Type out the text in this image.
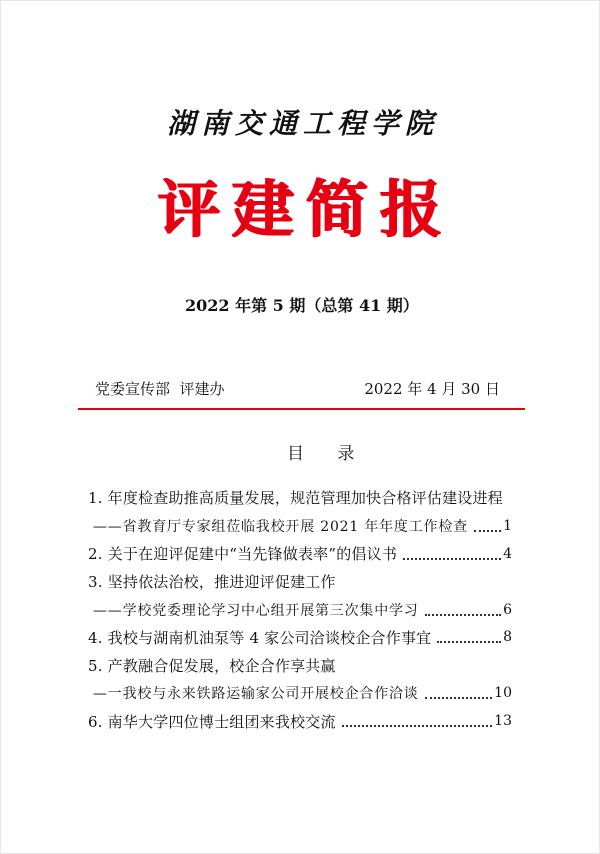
湖南交通工程学院
评建简报
2022 年第 5 期（总第 41 期）
党委宣传部  评建办	2022 年 4 月 30 日
目 录
1. 年度检查助推高质量发展，规范管理加快合格评估建设进程
——省教育厅专家组莅临我校开展 2021 年年度工作检查	1
2. 关于在迎评促建中“当先锋做表率”的倡议书	4
3. 坚持依法治校，推进迎评促建工作
——学校党委理论学习中心组开展第三次集中学习	6
4. 我校与湖南机油泵等 4 家公司洽谈校企合作事宜	8
5. 产教融合促发展，校企合作享共赢
—一我校与永来铁路运输家公司开展校企合作洽谈	10
6. 南华大学四位博士组团来我校交流	13
